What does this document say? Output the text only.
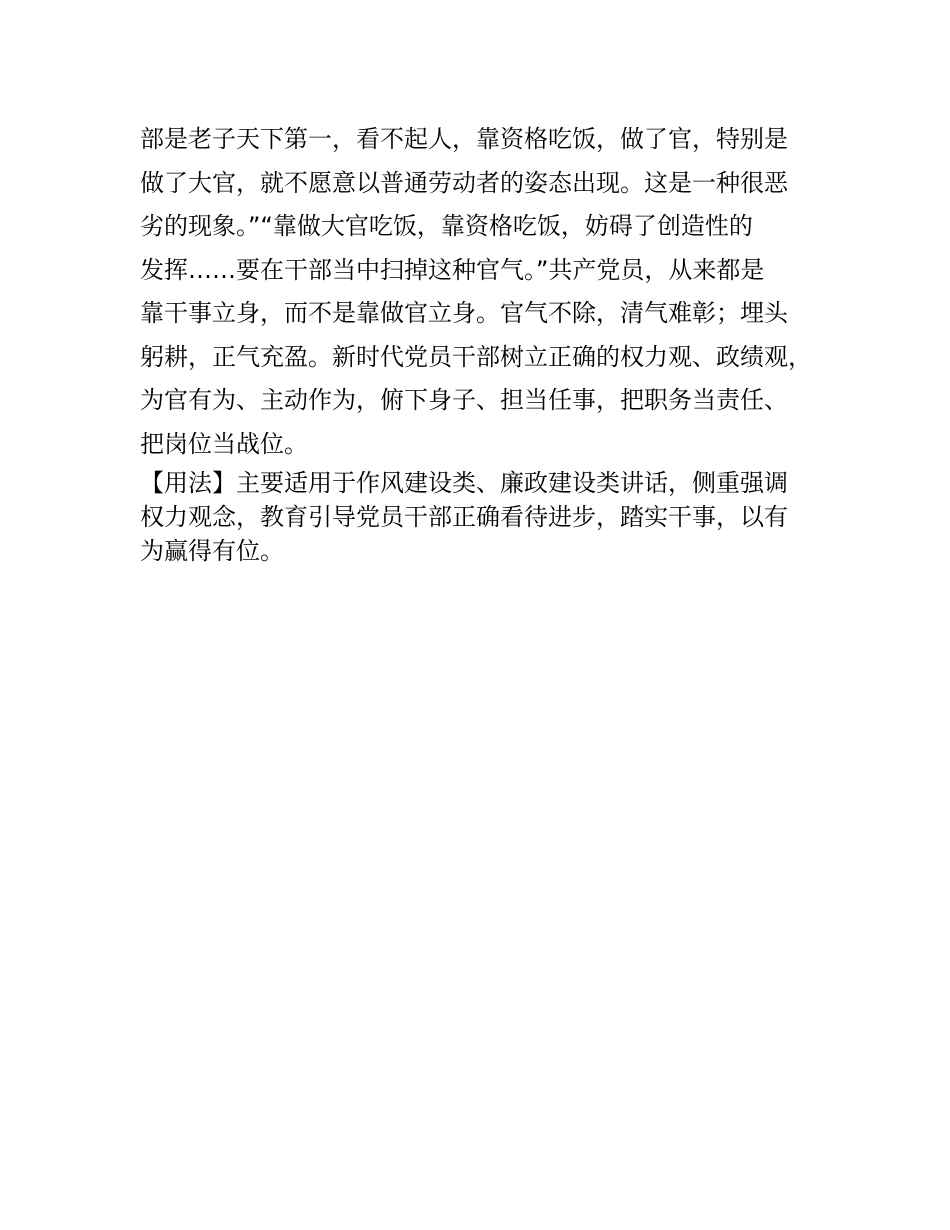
部是老子天下第一，看不起人，靠资格吃饭，做了官，特别是
做了大官，就不愿意以普通劳动者的姿态出现。这是一种很恶
劣的现象。”“靠做大官吃饭，靠资格吃饭，妨碍了创造性的
发挥……要在干部当中扫掉这种官气。”共产党员，从来都是
靠干事立身，而不是靠做官立身。官气不除，清气难彰；埋头
躬耕，正气充盈。新时代党员干部树立正确的权力观、政绩观，
为官有为、主动作为，俯下身子、担当任事，把职务当责任、
把岗位当战位。
【用法】主要适用于作风建设类、廉政建设类讲话，侧重强调
权力观念，教育引导党员干部正确看待进步，踏实干事，以有
为赢得有位。
